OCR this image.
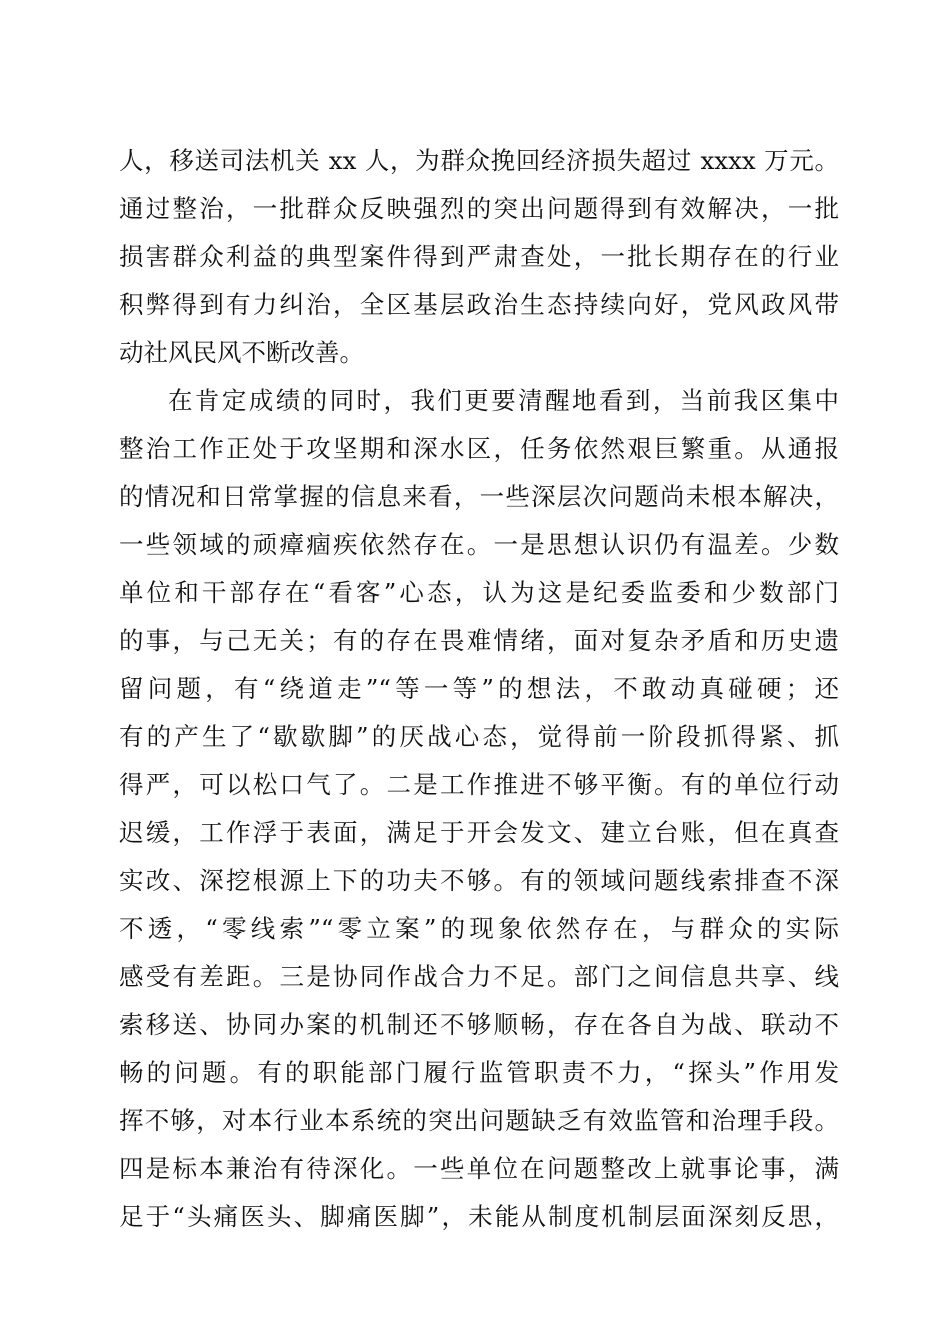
人，移送司法机关 xx 人，为群众挽回经济损失超过 xxxx 万元。
通过整治，一批群众反映强烈的突出问题得到有效解决，一批
损害群众利益的典型案件得到严肃查处，一批长期存在的行业
积弊得到有力纠治，全区基层政治生态持续向好，党风政风带
动社风民风不断改善。
在肯定成绩的同时，我们更要清醒地看到，当前我区集中
整治工作正处于攻坚期和深水区，任务依然艰巨繁重。从通报
的情况和日常掌握的信息来看，一些深层次问题尚未根本解决，
一些领域的顽瘴痼疾依然存在。一是思想认识仍有温差。少数
单位和干部存在“看客”心态，认为这是纪委监委和少数部门
的事，与己无关；有的存在畏难情绪，面对复杂矛盾和历史遗
留问题，有“绕道走”“等一等”的想法，不敢动真碰硬；还
有的产生了“歇歇脚”的厌战心态，觉得前一阶段抓得紧、抓
得严，可以松口气了。二是工作推进不够平衡。有的单位行动
迟缓，工作浮于表面，满足于开会发文、建立台账，但在真查
实改、深挖根源上下的功夫不够。有的领域问题线索排查不深
不透，“零线索”“零立案”的现象依然存在，与群众的实际
感受有差距。三是协同作战合力不足。部门之间信息共享、线
索移送、协同办案的机制还不够顺畅，存在各自为战、联动不
畅的问题。有的职能部门履行监管职责不力，“探头”作用发
挥不够，对本行业本系统的突出问题缺乏有效监管和治理手段。
四是标本兼治有待深化。一些单位在问题整改上就事论事，满
足于“头痛医头、脚痛医脚”，未能从制度机制层面深刻反思，
